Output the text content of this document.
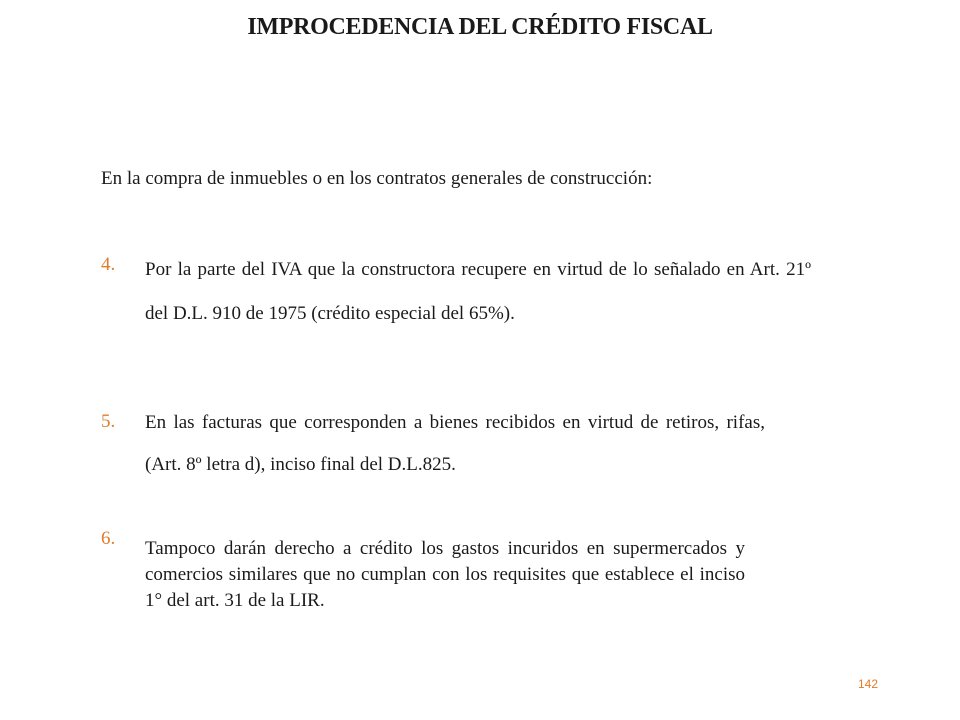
IMPROCEDENCIA DEL CRÉDITO FISCAL

En la compra de inmuebles o en los contratos generales de construcción:

4. Por la parte del IVA que la constructora recupere en virtud de lo señalado en Art. 21º del D.L. 910 de 1975 (crédito especial del 65%).

5. En las facturas que corresponden a bienes recibidos en virtud de retiros, rifas, (Art. 8º letra d), inciso final del D.L.825.

6. Tampoco darán derecho a crédito los gastos incuridos en supermercados y comercios similares que no cumplan con los requisites que establece el inciso 1° del art. 31 de la LIR.

142
